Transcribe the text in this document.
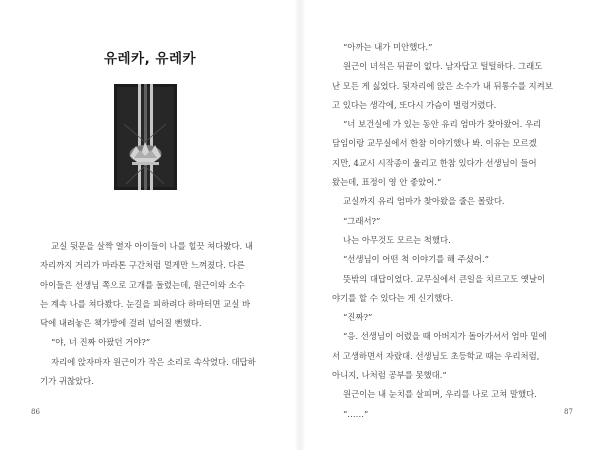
유레카, 유레카
교실 뒷문을 살짝 열자 아이들이 나를 힐끗 쳐다봤다. 내
자리까지 거리가 마라톤 구간처럼 멀게만 느껴졌다. 다른
아이들은 선생님 쪽으로 고개를 돌렸는데, 원근이와 소수
는 계속 나를 쳐다봤다. 눈길을 피하려다 하마터면 교실 바
닥에 내려놓은 책가방에 걸려 넘어질 뻔했다.
“야, 너 진짜 아팠던 거야?”
자리에 앉자마자 원근이가 작은 소리로 속삭였다. 대답하
기가 귀찮았다.
86
“아까는 내가 미안했다.”
원근이 녀석은 뒤끝이 없다. 남자답고 털털하다. 그래도
난 모든 게 싫었다. 뒷자리에 앉은 소수가 내 뒤통수를 지켜보
고 있다는 생각에, 또다시 가슴이 벌렁거렸다.
“너 보건실에 가 있는 동안 유리 엄마가 찾아왔어. 우리
담임이랑 교무실에서 한참 이야기했나 봐. 이유는 모르겠
지만, 4교시 시작종이 울리고 한참 있다가 선생님이 들어
왔는데, 표정이 영 안 좋았어.”
교실까지 유리 엄마가 찾아왔을 줄은 몰랐다.
“그래서?”
나는 아무것도 모르는 척했다.
“선생님이 어떤 척 이야기를 해 주셨어.”
뜻밖의 대답이었다. 교무실에서 큰일을 치르고도 옛날이
야기를 할 수 있다는 게 신기했다.
“진짜?”
“응. 선생님이 어렸을 때 아버지가 돌아가셔서 엄마 밑에
서 고생하면서 자랐대. 선생님도 초등학교 때는 우리처럼,
아니지, 나처럼 공부를 못했대.”
원근이는 내 눈치를 살피며, 우리를 나로 고쳐 말했다.
“……”	87
